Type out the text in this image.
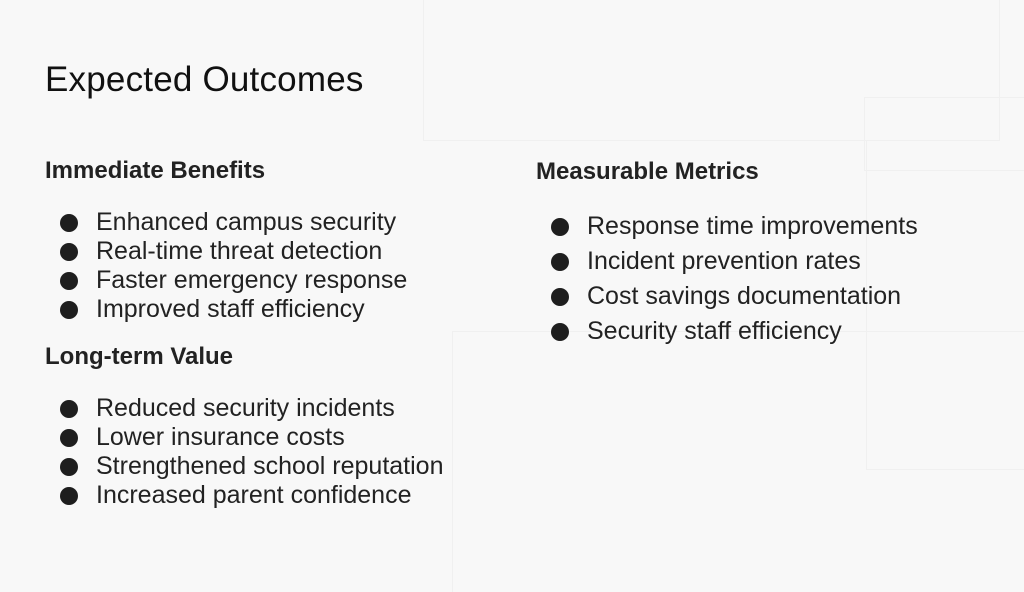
Expected Outcomes
Immediate Benefits
Enhanced campus security
Real-time threat detection
Faster emergency response
Improved staff efficiency
Long-term Value
Reduced security incidents
Lower insurance costs
Strengthened school reputation
Increased parent confidence
Measurable Metrics
Response time improvements
Incident prevention rates
Cost savings documentation
Security staff efficiency
